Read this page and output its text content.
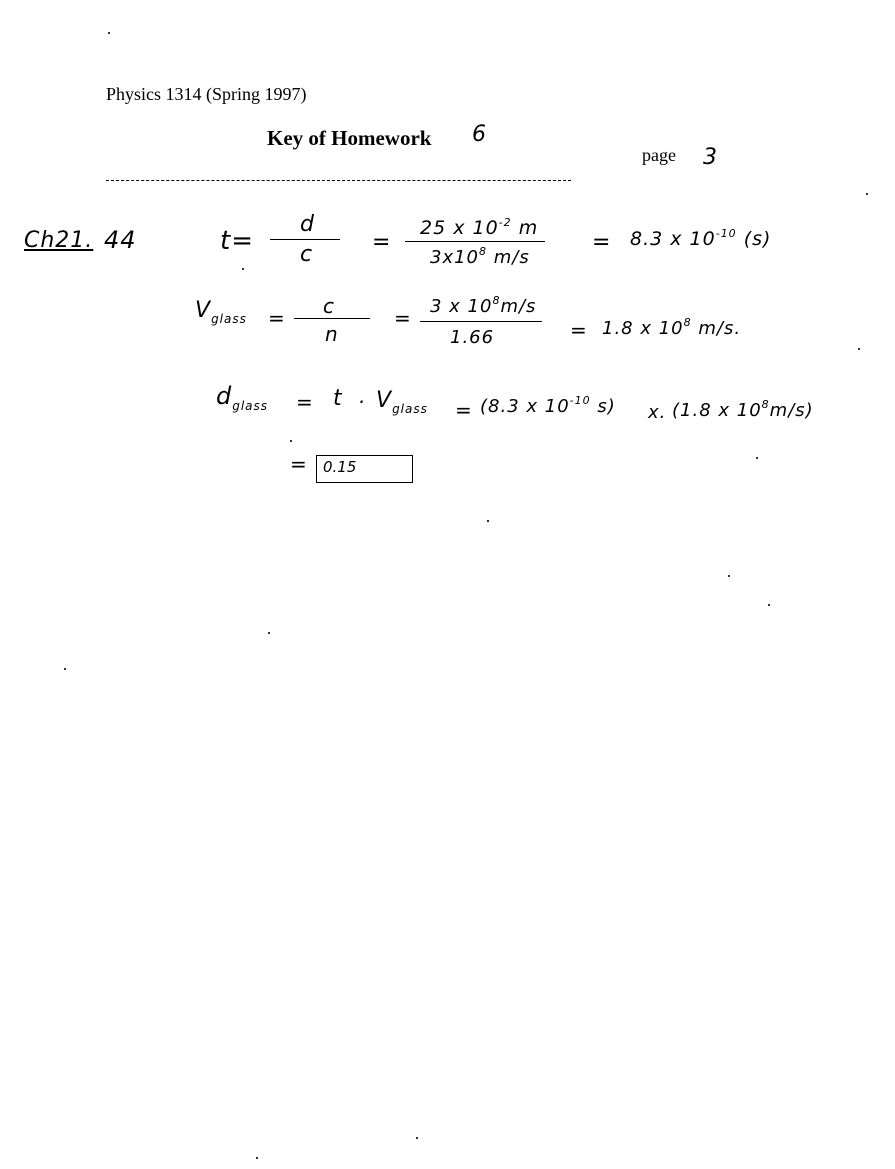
Physics 1314 (Spring 1997)
Key of Homework 6
page 3
Ch21. 44	t=
d
c	=
25 x $10^{-2}$ m
$3x10^8$ m/s
= 8.3 x $10^{-10}$ (s)
$V_{glass} = c$
n
= 3 x $10^8m/s$
1.66	= 1.8 x $10^8$ m/s.
$d_{glass} = t \cdot V_{glass} = (8.3$ x $10^{-10}$ s) x. (1.8 x $10^8m/s$)
= 0.15
